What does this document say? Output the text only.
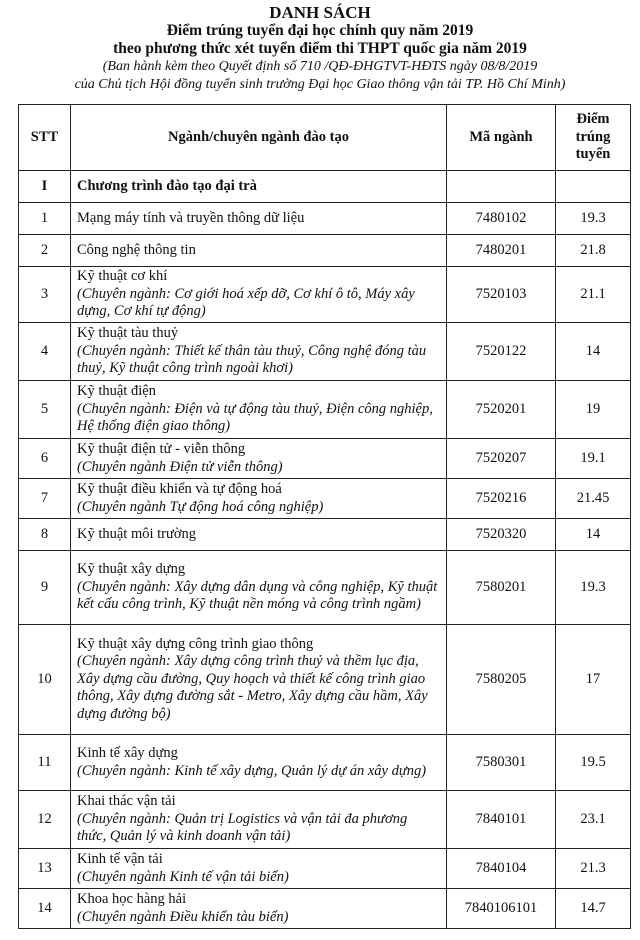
DANH SÁCH
Điểm trúng tuyển đại học chính quy năm 2019
theo phương thức xét tuyển điểm thi THPT quốc gia năm 2019
(Ban hành kèm theo Quyết định số 710 /QĐ-ĐHGTVT-HĐTS ngày 08/8/2019
của Chủ tịch Hội đồng tuyển sinh trường Đại học Giao thông vận tải TP. Hồ Chí Minh)
STT	Ngành/chuyên ngành đào tạo	Mã ngành	Điểm trúng tuyển
I	Chương trình đào tạo đại trà		
1	Mạng máy tính và truyền thông dữ liệu	7480102	19.3
2	Công nghệ thông tin	7480201	21.8
3	Kỹ thuật cơ khí
(Chuyên ngành: Cơ giới hoá xếp dỡ, Cơ khí ô tô, Máy xây dựng, Cơ khí tự động)	7520103	21.1
4	Kỹ thuật tàu thuỷ
(Chuyên ngành: Thiết kế thân tàu thuỷ, Công nghệ đóng tàu thuỷ, Kỹ thuật công trình ngoài khơi)	7520122	14
5	Kỹ thuật điện
(Chuyên ngành: Điện và tự động tàu thuỷ, Điện công nghiệp, Hệ thống điện giao thông)	7520201	19
6	Kỹ thuật điện tử - viễn thông
(Chuyên ngành Điện tử viễn thông)	7520207	19.1
7	Kỹ thuật điều khiển và tự động hoá
(Chuyên ngành Tự động hoá công nghiệp)	7520216	21.45
8	Kỹ thuật môi trường	7520320	14
9	Kỹ thuật xây dựng
(Chuyên ngành: Xây dựng dân dụng và công nghiệp, Kỹ thuật kết cấu công trình, Kỹ thuật nền móng và công trình ngầm)	7580201	19.3
10	Kỹ thuật xây dựng công trình giao thông
(Chuyên ngành: Xây dựng công trình thuỷ và thềm lục địa, Xây dựng cầu đường, Quy hoạch và thiết kế công trình giao thông, Xây dựng đường sắt - Metro, Xây dựng cầu hầm, Xây dựng đường bộ)	7580205	17
11	Kinh tế xây dựng
(Chuyên ngành: Kinh tế xây dựng, Quản lý dự án xây dựng)	7580301	19.5
12	Khai thác vận tải
(Chuyên ngành: Quản trị Logistics và vận tải đa phương thức, Quản lý và kinh doanh vận tải)	7840101	23.1
13	Kinh tế vận tải
(Chuyên ngành Kinh tế vận tải biển)	7840104	21.3
14	Khoa học hàng hải
(Chuyên ngành Điều khiển tàu biển)	7840106101	14.7
